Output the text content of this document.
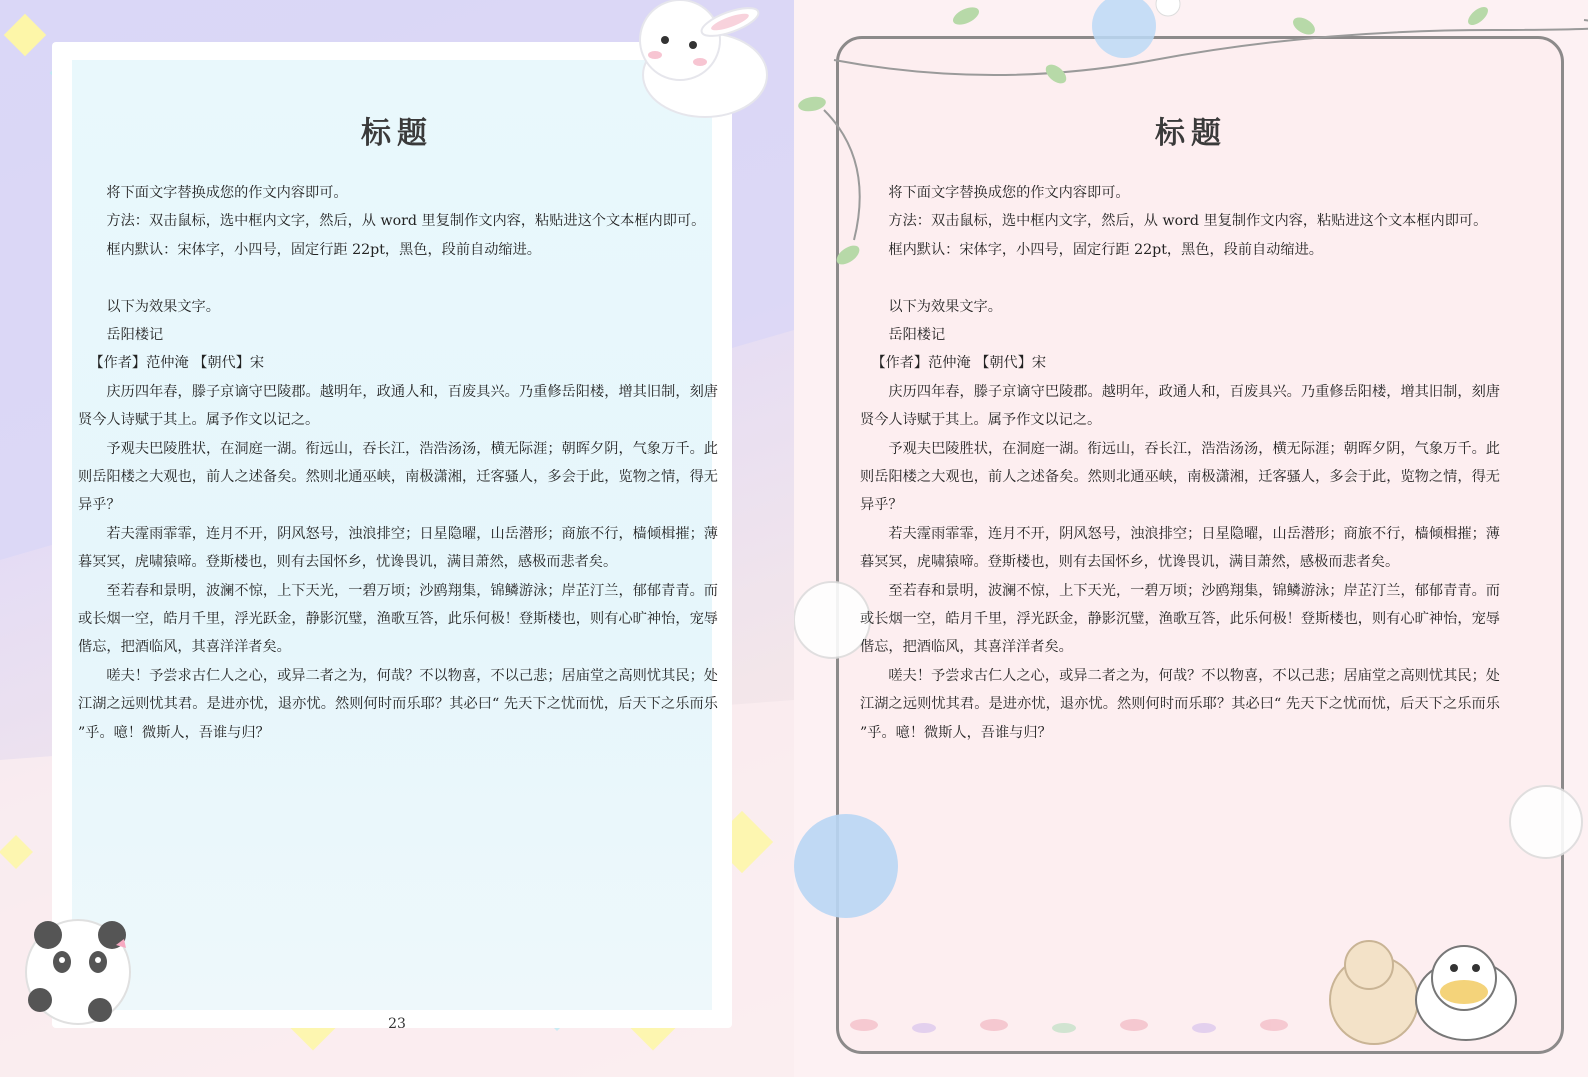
标题

将下面文字替换成您的作文内容即可。

方法：双击鼠标，选中框内文字，然后，从 word 里复制作文内容，粘贴进这个文本框内即可。

框内默认：宋体字，小四号，固定行距 22pt，黑色，段前自动缩进。

以下为效果文字。

岳阳楼记

【作者】范仲淹 【朝代】宋

庆历四年春，滕子京谪守巴陵郡。越明年，政通人和，百废具兴。乃重修岳阳楼，增其旧制，刻唐贤今人诗赋于其上。属予作文以记之。

予观夫巴陵胜状，在洞庭一湖。衔远山，吞长江，浩浩汤汤，横无际涯；朝晖夕阴，气象万千。此则岳阳楼之大观也，前人之述备矣。然则北通巫峡，南极潇湘，迁客骚人，多会于此，览物之情，得无异乎？

若夫霪雨霏霏，连月不开，阴风怒号，浊浪排空；日星隐曜，山岳潜形；商旅不行，樯倾楫摧；薄暮冥冥，虎啸猿啼。登斯楼也，则有去国怀乡，忧谗畏讥，满目萧然，感极而悲者矣。

至若春和景明，波澜不惊，上下天光，一碧万顷；沙鸥翔集，锦鳞游泳；岸芷汀兰，郁郁青青。而或长烟一空，皓月千里，浮光跃金，静影沉璧，渔歌互答，此乐何极！登斯楼也，则有心旷神怡，宠辱偕忘，把酒临风，其喜洋洋者矣。

嗟夫！予尝求古仁人之心，或异二者之为，何哉？不以物喜，不以己悲；居庙堂之高则忧其民；处江湖之远则忧其君。是进亦忧，退亦忧。然则何时而乐耶？其必曰“ 先天下之忧而忧，后天下之乐而乐 ”乎。噫！微斯人，吾谁与归？

23
标题

将下面文字替换成您的作文内容即可。

方法：双击鼠标，选中框内文字，然后，从 word 里复制作文内容，粘贴进这个文本框内即可。

框内默认：宋体字，小四号，固定行距 22pt，黑色，段前自动缩进。

以下为效果文字。

岳阳楼记

【作者】范仲淹 【朝代】宋

庆历四年春，滕子京谪守巴陵郡。越明年，政通人和，百废具兴。乃重修岳阳楼，增其旧制，刻唐贤今人诗赋于其上。属予作文以记之。

予观夫巴陵胜状，在洞庭一湖。衔远山，吞长江，浩浩汤汤，横无际涯；朝晖夕阴，气象万千。此则岳阳楼之大观也，前人之述备矣。然则北通巫峡，南极潇湘，迁客骚人，多会于此，览物之情，得无异乎？

若夫霪雨霏霏，连月不开，阴风怒号，浊浪排空；日星隐曜，山岳潜形；商旅不行，樯倾楫摧；薄暮冥冥，虎啸猿啼。登斯楼也，则有去国怀乡，忧谗畏讥，满目萧然，感极而悲者矣。

至若春和景明，波澜不惊，上下天光，一碧万顷；沙鸥翔集，锦鳞游泳；岸芷汀兰，郁郁青青。而或长烟一空，皓月千里，浮光跃金，静影沉璧，渔歌互答，此乐何极！登斯楼也，则有心旷神怡，宠辱偕忘，把酒临风，其喜洋洋者矣。

嗟夫！予尝求古仁人之心，或异二者之为，何哉？不以物喜，不以己悲；居庙堂之高则忧其民；处江湖之远则忧其君。是进亦忧，退亦忧。然则何时而乐耶？其必曰“ 先天下之忧而忧，后天下之乐而乐 ”乎。噫！微斯人，吾谁与归？
